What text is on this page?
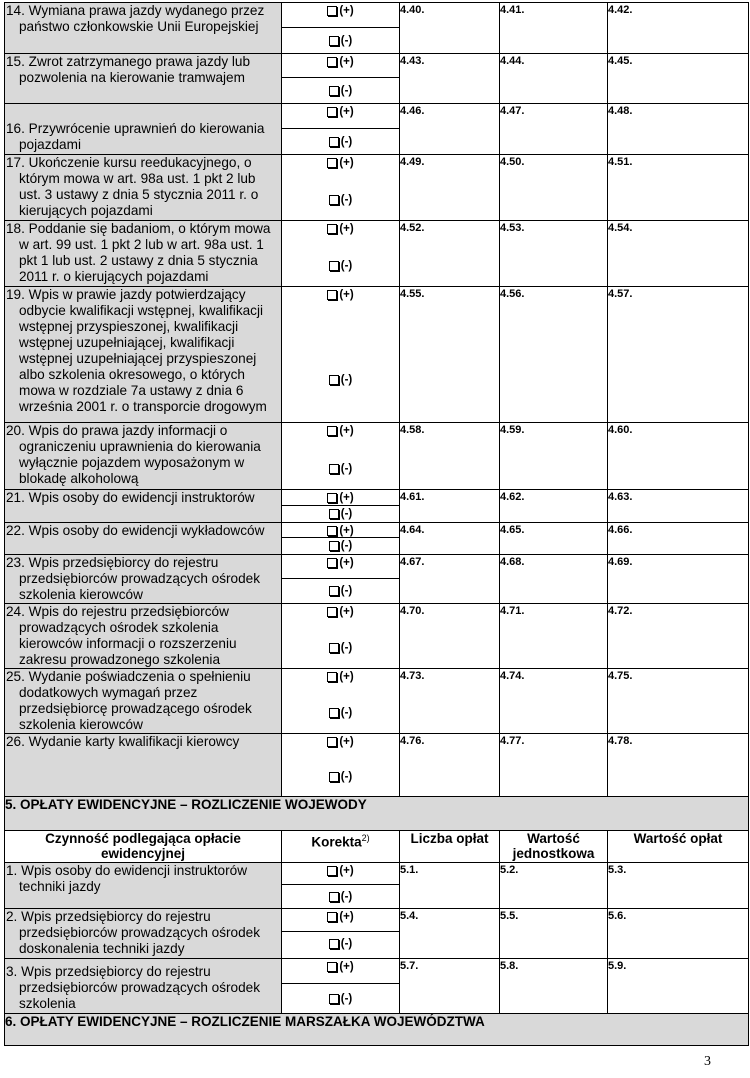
14. Wymiana prawa jazdy wydanego przez państwo członkowskie Unii Europejskiej	(+)
(-)	4.40.	4.41.	4.42.

15. Zwrot zatrzymanego prawa jazdy lub pozwolenia na kierowanie tramwajem	(+)
(-)	4.43.	4.44.	4.45.

16. Przywrócenie uprawnień do kierowania pojazdami	(+)
(-)	4.46.	4.47.	4.48.

17. Ukończenie kursu reedukacyjnego, o którym mowa w art. 98a ust. 1 pkt 2 lub ust. 3 ustawy z dnia 5 stycznia 2011 r. o kierujących pojazdami	(+)
(-)	4.49.	4.50.	4.51.

18. Poddanie się badaniom, o którym mowa w art. 99 ust. 1 pkt 2 lub w art. 98a ust. 1 pkt 1 lub ust. 2 ustawy z dnia 5 stycznia 2011 r. o kierujących pojazdami	(+)
(-)	4.52.	4.53.	4.54.

19. Wpis w prawie jazdy potwierdzający odbycie kwalifikacji wstępnej, kwalifikacji wstępnej przyspieszonej, kwalifikacji wstępnej uzupełniającej, kwalifikacji wstępnej uzupełniającej przyspieszonej albo szkolenia okresowego, o których mowa w rozdziale 7a ustawy z dnia 6 września 2001 r. o transporcie drogowym	(+)
(-)	4.55.	4.56.	4.57.

20. Wpis do prawa jazdy informacji o ograniczeniu uprawnienia do kierowania wyłącznie pojazdem wyposażonym w blokadę alkoholową	(+)
(-)	4.58.	4.59.	4.60.

21. Wpis osoby do ewidencji instruktorów	(+)
(-)	4.61.	4.62.	4.63.

22. Wpis osoby do ewidencji wykładowców	(+)
(-)	4.64.	4.65.	4.66.

23. Wpis przedsiębiorcy do rejestru przedsiębiorców prowadzących ośrodek szkolenia kierowców	(+)
(-)	4.67.	4.68.	4.69.

24. Wpis do rejestru przedsiębiorców prowadzących ośrodek szkolenia kierowców informacji o rozszerzeniu zakresu prowadzonego szkolenia	(+)
(-)	4.70.	4.71.	4.72.

25. Wydanie poświadczenia o spełnieniu dodatkowych wymagań przez przedsiębiorcę prowadzącego ośrodek szkolenia kierowców	(+)
(-)	4.73.	4.74.	4.75.

26. Wydanie karty kwalifikacji kierowcy	(+)
(-)	4.76.	4.77.	4.78.
5. OPŁATY EWIDENCYJNE – ROZLICZENIE WOJEWODY				
Czynność podlegająca opłacie ewidencyjnej	Korekta$^{2)}$	Liczba opłat	Wartość jednostkowa	Wartość opłat

1. Wpis osoby do ewidencji instruktorów techniki jazdy	(+)
(-)	5.1.	5.2.	5.3.

2. Wpis przedsiębiorcy do rejestru przedsiębiorców prowadzących ośrodek doskonalenia techniki jazdy	(+)
(-)	5.4.	5.5.	5.6.

3. Wpis przedsiębiorcy do rejestru przedsiębiorców prowadzących ośrodek szkolenia	(+)
(-)	5.7.	5.8.	5.9.
6. OPŁATY EWIDENCYJNE – ROZLICZENIE MARSZAŁKA WOJEWÓDZTWA				
3
